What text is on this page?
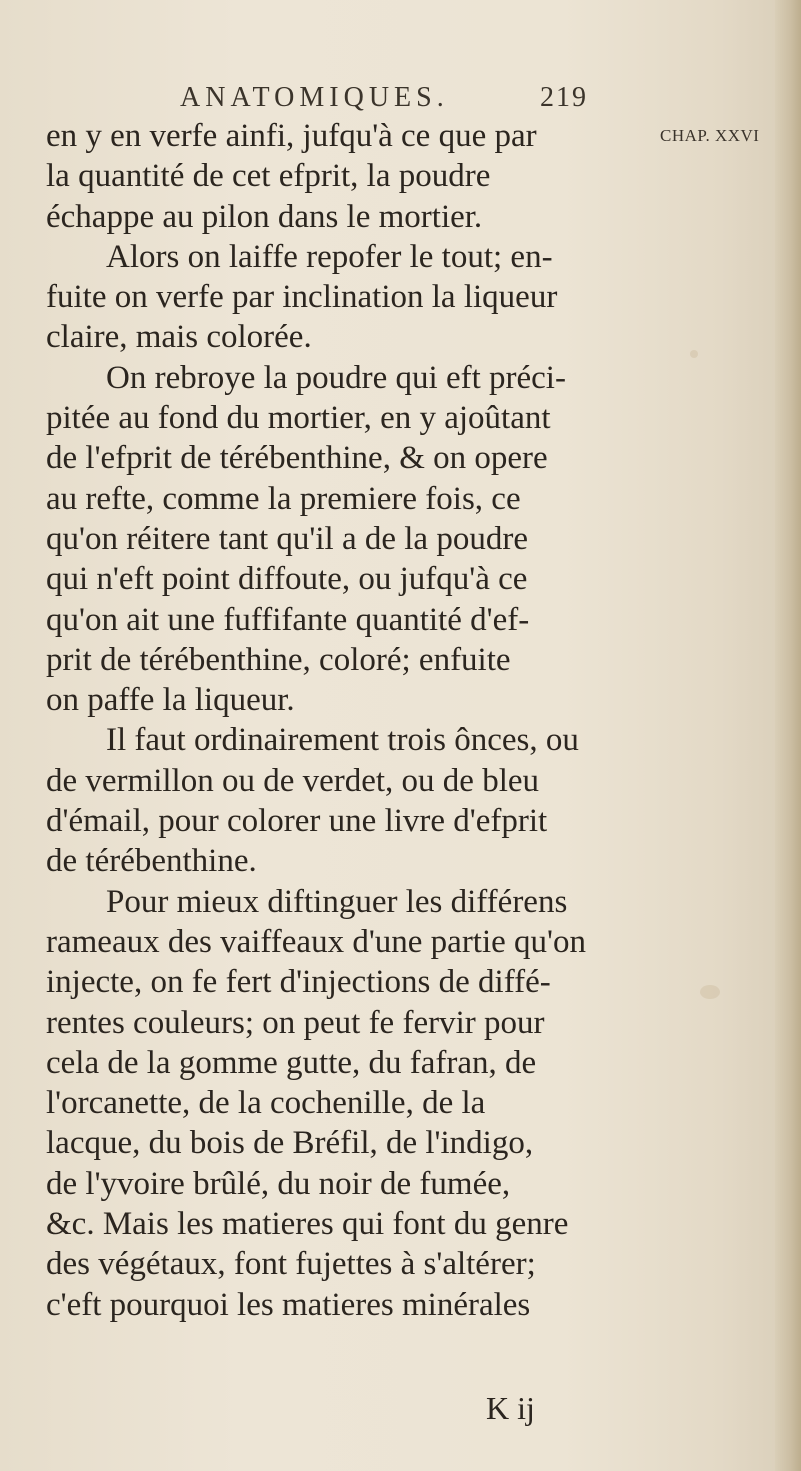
ANATOMIQUES.	219
CHAP. XXVI
en y en verfe ainfi, jufqu'à ce que par
la quantité de cet efprit, la poudre
échappe au pilon dans le mortier.
Alors on laiffe repofer le tout; en-
fuite on verfe par inclination la liqueur
claire, mais colorée.
On rebroye la poudre qui eft préci-
pitée au fond du mortier, en y ajoûtant
de l'efprit de térébenthine, & on opere
au refte, comme la premiere fois, ce
qu'on réitere tant qu'il a de la poudre
qui n'eft point diffoute, ou jufqu'à ce
qu'on ait une fuffifante quantité d'ef-
prit de térébenthine, coloré; enfuite
on paffe la liqueur.
Il faut ordinairement trois ônces, ou
de vermillon ou de verdet, ou de bleu
d'émail, pour colorer une livre d'efprit
de térébenthine.
Pour mieux diftinguer les différens
rameaux des vaiffeaux d'une partie qu'on
injecte, on fe fert d'injections de diffé-
rentes couleurs; on peut fe fervir pour
cela de la gomme gutte, du fafran, de
l'orcanette, de la cochenille, de la
lacque, du bois de Bréfil, de l'indigo,
de l'yvoire brûlé, du noir de fumée,
&c. Mais les matieres qui font du genre
des végétaux, font fujettes à s'altérer;
c'eft pourquoi les matieres minérales
K ij
